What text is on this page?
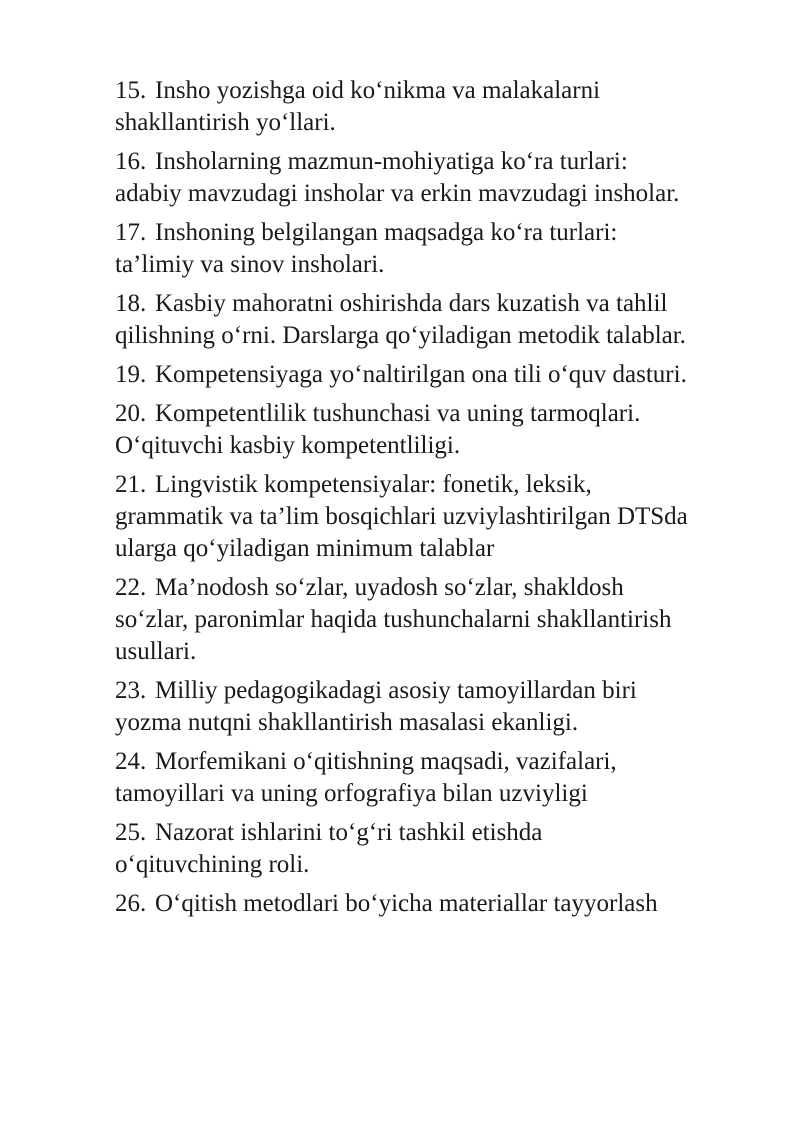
15. Insho yozishga oid ko‘nikma va malakalarni
shakllantirish yo‘llari.
16. Insholarning mazmun-mohiyatiga ko‘ra turlari:
adabiy mavzudagi insholar va erkin mavzudagi insholar.
17. Inshoning belgilangan maqsadga ko‘ra turlari:
ta’limiy va sinov insholari.
18. Kasbiy mahoratni oshirishda dars kuzatish va tahlil
qilishning o‘rni. Darslarga qo‘yiladigan metodik talablar.
19. Kompetensiyaga yo‘naltirilgan ona tili o‘quv dasturi.
20. Kompetentlilik tushunchasi va uning tarmoqlari.
O‘qituvchi kasbiy kompetentliligi.
21. Lingvistik kompetensiyalar: fonetik, leksik,
grammatik va ta’lim bosqichlari uzviylashtirilgan DTSda
ularga qo‘yiladigan minimum talablar
22. Ma’nodosh so‘zlar, uyadosh so‘zlar, shakldosh
so‘zlar, paronimlar haqida tushunchalarni shakllantirish
usullari.
23. Milliy pedagogikadagi asosiy tamoyillardan biri
yozma nutqni shakllantirish masalasi ekanligi.
24. Morfemikani o‘qitishning maqsadi, vazifalari,
tamoyillari va uning orfografiya bilan uzviyligi
25. Nazorat ishlarini to‘g‘ri tashkil etishda
o‘qituvchining roli.
26. O‘qitish metodlari bo‘yicha materiallar tayyorlash
